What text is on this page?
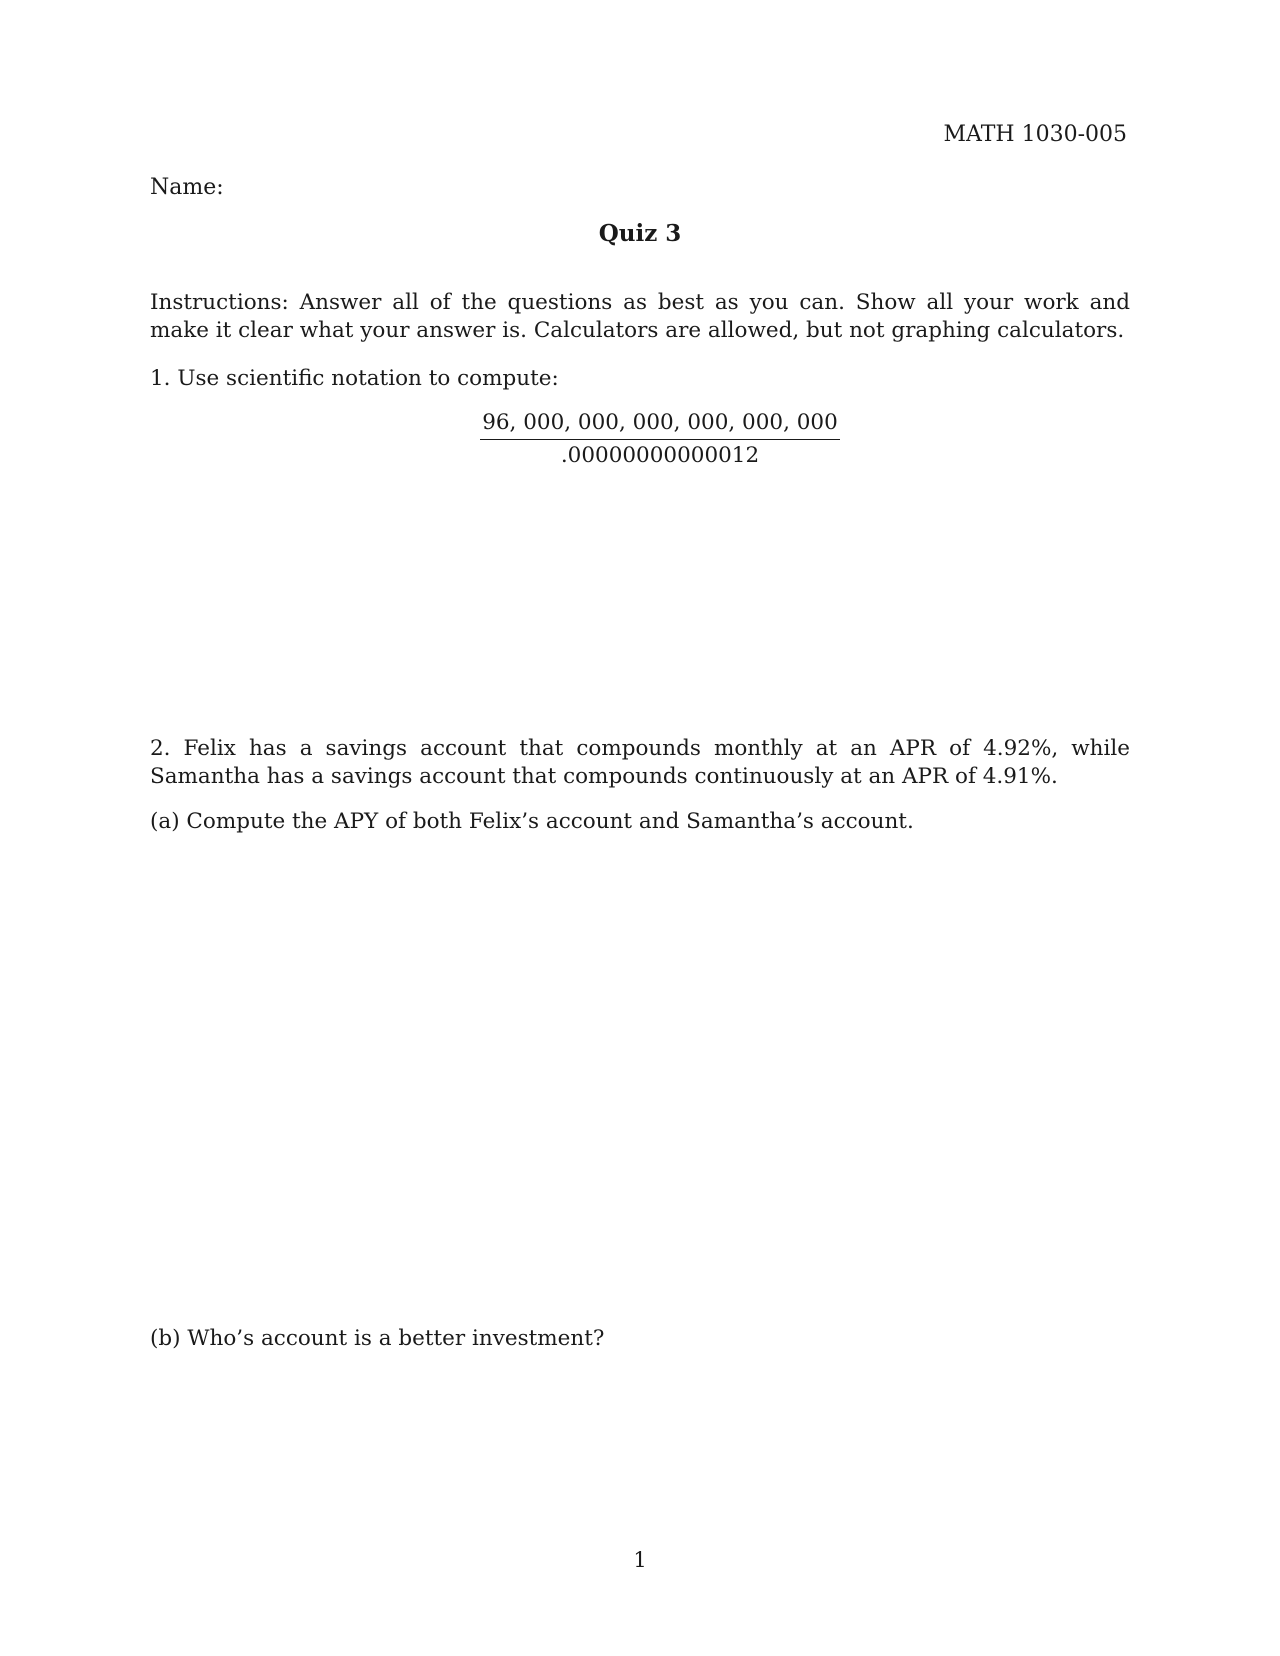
MATH 1030-005
Name:
Quiz 3
Instructions: Answer all of the questions as best as you can. Show all your work and make it clear what your answer is. Calculators are allowed, but not graphing calculators.
1. Use scientific notation to compute:
$\frac{96, 000, 000, 000, 000, 000, 000}{.00000000000012}$
2. Felix has a savings account that compounds monthly at an APR of 4.92%, while Samantha has a savings account that compounds continuously at an APR of 4.91%.
(a) Compute the APY of both Felix’s account and Samantha’s account.
(b) Who’s account is a better investment?
1
